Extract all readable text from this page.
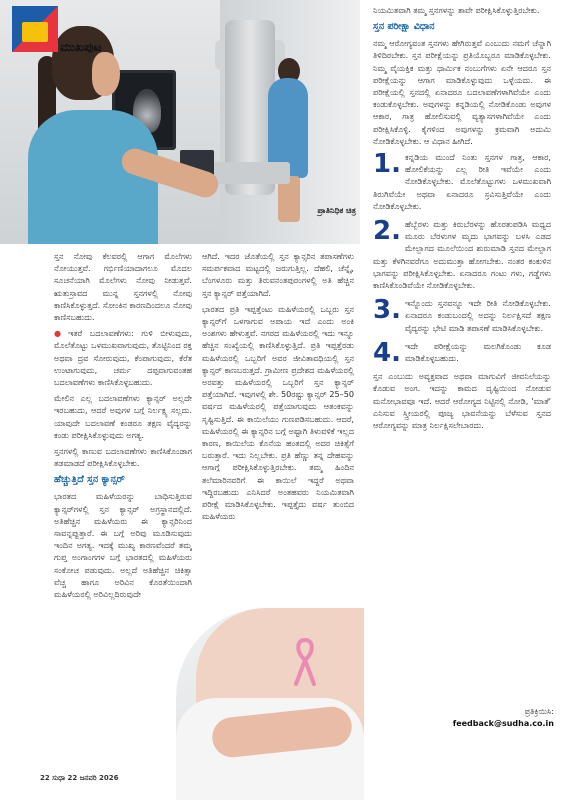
ಮುಖಪುಟ
ಪ್ರಾತಿನಿಧಿಕ ಚಿತ್ರ

ಸ್ತನ ನೋವು ಕೆಲವರಲ್ಲಿ ಆಗಾಗ ಮೊಲೆಗಳು ನೋಯುತ್ತವೆ. ಗರ್ಭಿಣಿಯಾದಾಗಲೂ ಮೊದಲ ಸೂಚನೆಯಾಗಿ ಮೊಲೆಗಳು ನೋವು ನೀಡುತ್ತವೆ. ಋತುಸ್ರಾವದ ಮುನ್ನ ಸ್ತನಗಳಲ್ಲಿ ನೋವು ಕಾಣಿಸಿಕೊಳ್ಳುತ್ತದೆ. ಸೋಂಕಿನ ಕಾರಣದಿಂದಲೂ ನೋವು ಕಾಣಿಸಬಹುದು.

● ಇತರೆ ಬದಲಾವಣೆಗಳು: ಗುಳಿ ಬೀಳುವುದು, ಮೊಲೆತೊಟ್ಟು ಒಳಮುಖವಾಗುವುದು, ತೊಟ್ಟಿನಿಂದ ರಕ್ತ ಅಥವಾ ದ್ರವ ಸೋರುವುದು, ಕೆಂಪಾಗುವುದು, ಕೆರೆತ ಉಂಟಾಗುವುದು, ಚರ್ಮ ದಪ್ಪವಾಗುವಂತಹ ಬದಲಾವಣೆಗಳು ಕಾಣಿಸಿಕೊಳ್ಳಬಹುದು.

ಮೇಲಿನ ಎಲ್ಲ ಬದಲಾವಣೆಗಳು ಕ್ಯಾನ್ಸರ್ ಅಲ್ಲದೇ ಇರಬಹುದು, ಆದರೆ ಅವುಗಳ ಬಗ್ಗೆ ನಿರ್ಲಕ್ಷ್ಯ ಸಲ್ಲದು. ಯಾವುದೇ ಬದಲಾವಣೆ ಕಂಡರೂ ತಕ್ಷಣ ವೈದ್ಯರನ್ನು ಕಂಡು ಪರೀಕ್ಷಿಸಿಕೊಳ್ಳುವುದು ಅಗತ್ಯ.

ಸ್ತನಗಳಲ್ಲಿ ಕಾಣುವ ಬದಲಾವಣೆಗಳು ಕಾಣಿಸಿಕೊಂಡಾಗ ತಡಮಾಡದೆ ಪರೀಕ್ಷಿಸಿಕೊಳ್ಳಬೇಕು.

ಹೆಚ್ಚುತ್ತಿದೆ ಸ್ತನ ಕ್ಯಾನ್ಸರ್

ಭಾರತದ ಮಹಿಳೆಯರನ್ನು ಬಾಧಿಸುತ್ತಿರುವ ಕ್ಯಾನ್ಸರ್‌ಗಳಲ್ಲಿ ಸ್ತನ ಕ್ಯಾನ್ಸರ್ ಅಗ್ರಸ್ಥಾನದಲ್ಲಿದೆ. ಅತಿಹೆಚ್ಚಿನ ಮಹಿಳೆಯರು ಈ ಕ್ಯಾನ್ಸರಿನಿಂದ ಸಾವನ್ನಪ್ಪುತ್ತಾರೆ. ಈ ಬಗ್ಗೆ ಅರಿವು ಮೂಡಿಸುವುದು ಇಂದಿನ ಅಗತ್ಯ. ಇದಕ್ಕೆ ಮುಖ್ಯ ಕಾರಣವೆಂದರೆ ತಮ್ಮ ಗುಪ್ತ ಅಂಗಾಂಗಗಳ ಬಗ್ಗೆ ಭಾರತದಲ್ಲಿ ಮಹಿಳೆಯರು ಸಂಕೋಚ ಪಡುವುದು. ಅಲ್ಲದೆ ಅತಿಹೆಚ್ಚಿನ ಚಿಕಿತ್ಸಾ ವೆಚ್ಚ ಹಾಗೂ ಅರಿವಿನ ಕೊರತೆಯಿಂದಾಗಿ ಮಹಿಳೆಯರಲ್ಲಿ ಅರಿವಿಲ್ಲದಿರುವುದೇ

ಆಗಿದೆ. ಇದರ ಜೊತೆಯಲ್ಲಿ ಸ್ತನ ಕ್ಯಾನ್ಸರಿನ ತಪಾಸಣೆಗಳು ಸಮರ್ಪಕವಾದ ಮಟ್ಟದಲ್ಲಿ ಜರುಗುತ್ತಿಲ್ಲ. ದೆಹಲಿ, ಚೆನ್ನೈ, ಬೆಂಗಳೂರು ಮತ್ತು ತಿರುವನಂತಪುರಂಗಳಲ್ಲಿ ಅತಿ ಹೆಚ್ಚಿನ ಸ್ತನ ಕ್ಯಾನ್ಸರ್ ಪತ್ತೆಯಾಗಿದೆ.

ಭಾರತದ ಪ್ರತಿ ಇಪ್ಪತ್ತೆಂಟು ಮಹಿಳೆಯರಲ್ಲಿ ಒಬ್ಬರು ಸ್ತನ ಕ್ಯಾನ್ಸರ್‌ಗೆ ಒಳಗಾಗುವ ಅಪಾಯ ಇದೆ ಎಂದು ಅಂಕಿ ಅಂಶಗಳು ಹೇಳುತ್ತವೆ. ನಗರದ ಮಹಿಳೆಯರಲ್ಲಿ ಇದು ಇನ್ನೂ ಹೆಚ್ಚಿನ ಸಂಖ್ಯೆಯಲ್ಲಿ ಕಾಣಿಸಿಕೊಳ್ಳುತ್ತಿದೆ. ಪ್ರತಿ ಇಪ್ಪತ್ತೆರಡು ಮಹಿಳೆಯರಲ್ಲಿ ಒಬ್ಬರಿಗೆ ಅವರ ಜೀವಿತಾವಧಿಯಲ್ಲಿ ಸ್ತನ ಕ್ಯಾನ್ಸರ್ ಕಾಣಬರುತ್ತದೆ. ಗ್ರಾಮೀಣ ಪ್ರದೇಶದ ಮಹಿಳೆಯರಲ್ಲಿ ಅರವತ್ತು ಮಹಿಳೆಯರಲ್ಲಿ ಒಬ್ಬರಿಗೆ ಸ್ತನ ಕ್ಯಾನ್ಸರ್ ಪತ್ತೆಯಾಗಿದೆ. ಇವುಗಳಲ್ಲಿ ಶೇ. 50ರಷ್ಟು ಕ್ಯಾನ್ಸರ್ 25–50 ವರ್ಷದ ಮಹಿಳೆಯರಲ್ಲಿ ಪತ್ತೆಯಾಗುವುದು ಆತಂಕವನ್ನು ಸೃಷ್ಟಿಸುತ್ತಿದೆ. ಈ ಕಾಯಿಲೆಯು ಗುಣಪಡಿಸಬಹುದು. ಆದರೆ, ಮಹಿಳೆಯರಲ್ಲಿ ಈ ಕ್ಯಾನ್ಸರಿನ ಬಗ್ಗೆ ಅಷ್ಟಾಗಿ ತಿಳುವಳಿಕೆ ಇಲ್ಲದ ಕಾರಣ, ಕಾಯಿಲೆಯ ಕೊನೆಯ ಹಂತದಲ್ಲಿ ಅದರ ಚಿಕಿತ್ಸೆಗೆ ಬರುತ್ತಾರೆ. ಇದು ನಿಲ್ಲಬೇಕು. ಪ್ರತಿ ಹೆಣ್ಣು ತನ್ನ ದೇಹವನ್ನು ಆಗಾಗ್ಗೆ ಪರೀಕ್ಷಿಸಿಕೊಳ್ಳುತ್ತಿರಬೇಕು. ತಮ್ಮ ಹಿಂದಿನ ತಲೆಮಾರಿನವರಿಗೆ ಈ ಕಾಯಿಲೆ ಇದ್ದರೆ ಅಥವಾ ಇದ್ದಿರಬಹುದು ಎನಿಸಿದರೆ ಅಂತಹವರು ನಿಯಮಿತವಾಗಿ ಪರೀಕ್ಷೆ ಮಾಡಿಸಿಕೊಳ್ಳಬೇಕು. ಇಪ್ಪತ್ತೈದು ವರ್ಷ ತುಂಬಿದ ಮಹಿಳೆಯರು

ನಿಯಮಿತವಾಗಿ ತಮ್ಮ ಸ್ತನಗಳನ್ನು ತಾವೇ ಪರೀಕ್ಷಿಸಿಕೊಳ್ಳುತ್ತಿರಬೇಕು.

ಸ್ತನ ಪರೀಕ್ಷಾ ವಿಧಾನ

ನಮ್ಮ ಆರೋಗ್ಯವಂತ ಸ್ತನಗಳು ಹೇಗಿರುತ್ತವೆ ಎಂಬುದು ನಮಗೆ ಚೆನ್ನಾಗಿ ತಿಳಿದಿರಬೇಕು. ಸ್ತನ ಪರೀಕ್ಷೆಯನ್ನು ಪ್ರತಿಯೊಬ್ಬರೂ ಮಾಡಿಕೊಳ್ಳಬೇಕು. ನಿಮ್ಮ ವೈಯಕ್ತಿಕ ಮತ್ತು ಧಾರ್ಮಿಕ ನಂಬುಗೆಗಳು ಏನೇ ಆದರೂ ಸ್ತನ ಪರೀಕ್ಷೆಯನ್ನು ಆಗಾಗ ಮಾಡಿಕೊಳ್ಳುವುದು ಒಳ್ಳೆಯದು. ಈ ಪರೀಕ್ಷೆಯಲ್ಲಿ ಸ್ತನದಲ್ಲಿ ಏನಾದರೂ ಬದಲಾವಣೆಗಳಾಗಿವೆಯೇ ಎಂದು ಕಂಡುಕೊಳ್ಳಬೇಕು. ಅವುಗಳನ್ನು ಕನ್ನಡಿಯಲ್ಲಿ ನೋಡಿಕೊಂಡು ಅವುಗಳ ಆಕಾರ, ಗಾತ್ರ ಹೋಲಿಸುವಲ್ಲಿ ವ್ಯತ್ಯಾಸಗಳಾಗಿವೆಯೇ ಎಂದು ಪರೀಕ್ಷಿಸಿಕೊಳ್ಳಿ. ಕೈಗಳಿಂದ ಅವುಗಳನ್ನು ಕ್ರಮವಾಗಿ ಅದುಮಿ ನೋಡಿಕೊಳ್ಳಬೇಕು. ಆ ವಿಧಾನ ಹೀಗಿದೆ.

1. ಕನ್ನಡಿಯ ಮುಂದೆ ನಿಂತು ಸ್ತನಗಳ ಗಾತ್ರ, ಆಕಾರ, ಹೋಲಿಕೆಯನ್ನು ಎಲ್ಲ ರೀತಿ ಇವೆಯೇ ಎಂದು ನೋಡಿಕೊಳ್ಳಬೇಕು. ಮೊಲೆತೊಟ್ಟುಗಳು ಒಳಮುಖವಾಗಿ ತಿರುಗಿವೆಯೇ ಅಥವಾ ಏನಾದರೂ ಸ್ರವಿಸುತ್ತಿವೆಯೇ ಎಂದು ನೋಡಿಕೊಳ್ಳಬೇಕು.
2. ಹೆಬ್ಬೆರಳು ಮತ್ತು ಕಿರುಬೆರಳನ್ನು ಹೊರತುಪಡಿಸಿ ಮಧ್ಯದ ಮೂರು ಬೆರಳುಗಳ ಮೃದು ಭಾಗವನ್ನು ಬಳಸಿ ಎಡದ ಮೇಲ್ಭಾಗದ ಮೂಲೆಯಿಂದ ಶುರುಮಾಡಿ ಸ್ತನದ ಮೇಲ್ಭಾಗ ಮತ್ತು ಕೆಳಗಿನವರೆಗೂ ಅದುಮುತ್ತಾ ಹೋಗಬೇಕು. ನಂತರ ಕಂಕುಳಿನ ಭಾಗವನ್ನು ಪರೀಕ್ಷಿಸಿಕೊಳ್ಳಬೇಕು. ಏನಾದರೂ ಗಂಟು ಗಳು, ಗಡ್ಡೆಗಳು ಕಾಣಿಸಿಕೊಂಡಿವೆಯೇ ನೋಡಿಕೊಳ್ಳಬೇಕು.
3. ಇನ್ನೊಂದು ಸ್ತನವನ್ನೂ ಇದೇ ರೀತಿ ನೋಡಿಕೊಳ್ಳಬೇಕು. ಏನಾದರೂ ಕಂಡುಬಂದಲ್ಲಿ ಅದನ್ನು ನಿರ್ಲಕ್ಷಿಸದೆ ತಕ್ಷಣ ವೈದ್ಯರನ್ನು ಭೇಟಿ ಮಾಡಿ ತಪಾಸಣೆ ಮಾಡಿಸಿಕೊಳ್ಳಬೇಕು.
4. ಇದೇ ಪರೀಕ್ಷೆಯನ್ನು ಮಲಗಿಕೊಂಡು ಕೂಡ ಮಾಡಿಕೊಳ್ಳಬಹುದು.

ಸ್ತನ ಎಂಬುದು ಅವ್ಯಕ್ತವಾದ ಅಥವಾ ಮಾಗುವಿಗೆ ಜೀವನಿಲೆಯನ್ನು ಕೊಡುವ ಅಂಗ. ಇದನ್ನು ಕಾಮದ ದೃಷ್ಟಿಯಿಂದ ನೋಡುವ ಮನೋಭಾವವೂ ಇದೆ. ಆದರೆ ಆರೋಗ್ಯದ ನಿಟ್ಟಿನಲ್ಲಿ ನೋಡಿ, 'ಮಾತೆ' ಎನಿಸುವ ಸ್ತ್ರೀಯರಲ್ಲಿ ಪೂಜ್ಯ ಭಾವನೆಯನ್ನು ಬೆಳೆಸುವ ಸ್ತನದ ಆರೋಗ್ಯವನ್ನು ಮಾತ್ರ ನಿರ್ಲಕ್ಷಿಸಲೇಬಾರದು.

ಪ್ರತಿಕ್ರಿಯಿಸಿ:
feedback@sudha.co.in
22 ಸುಧಾ 22 ಜನವರಿ 2026
